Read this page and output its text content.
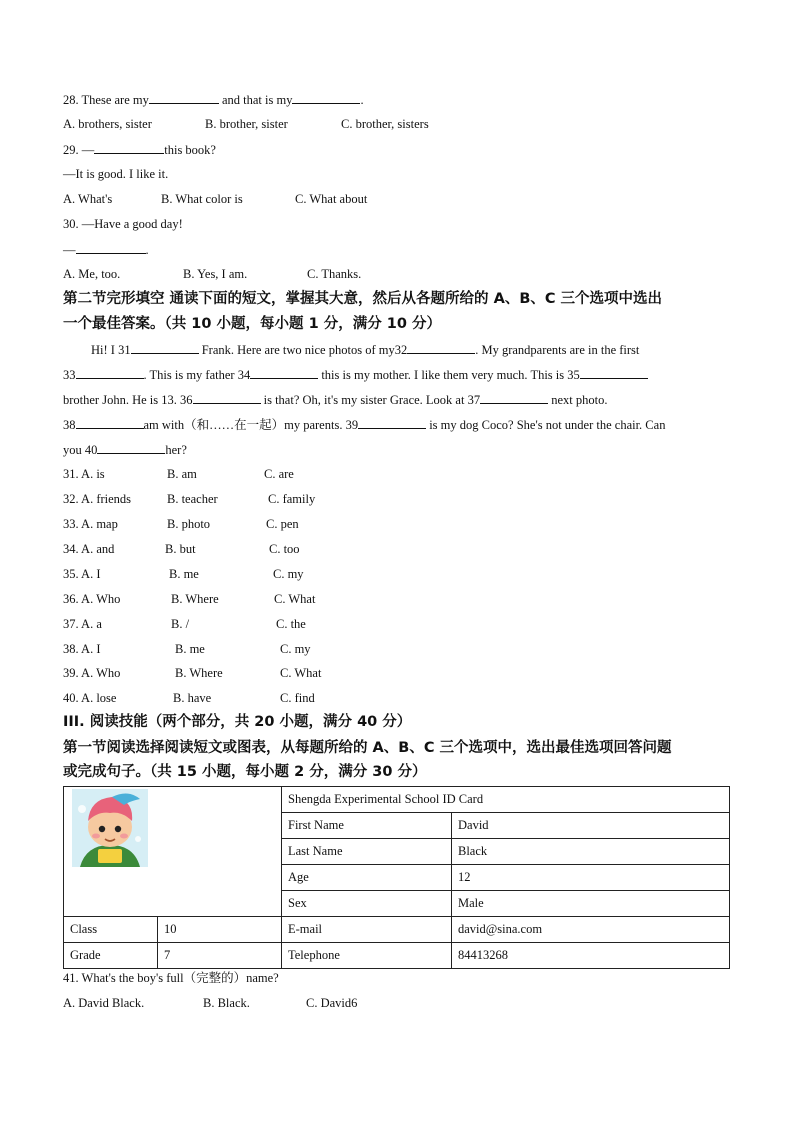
28. These are my	and that is my	.
A. brothers, sister	B. brother, sister	C. brother, sisters
29. —	this book?
—It is good. I like it.
A. What's	B. What color is	C. What about
30. —Have a good day!
—	.
A. Me, too.	B. Yes, I am.	C. Thanks.
第二节完形填空 通读下面的短文，掌握其大意，然后从各题所给的 A、B、C 三个选项中选出
一个最佳答案。（共 10 小题，每小题 1 分，满分 10 分）
Hi! I 31	Frank. Here are two nice photos of my32	. My grandparents are in the first
33	. This is my father 34	this is my mother. I like them very much. This is 35
brother John. He is 13. 36	is that? Oh, it's my sister Grace. Look at 37	next photo.
38	am with（和……在一起）my parents. 39	is my dog Coco? She's not under the chair. Can
you 40	her?
31. A. is	B. am	C. are
32. A. friends	B. teacher	C. family
33. A. map	B. photo	C. pen
34. A. and	B. but	C. too
35. A. I	B. me	C. my
36. A. Who	B. Where	C. What
37. A. a	B. /	C. the
38. A. I	B. me	C. my
39. A. Who	B. Where	C. What
40. A. lose	B. have	C. find
III. 阅读技能（两个部分，共 20 小题，满分 40 分）
第一节阅读选择阅读短文或图表，从每题所给的 A、B、C 三个选项中，选出最佳选项回答问题
或完成句子。（共 15 小题，每小题 2 分，满分 30 分）
	Shengda Experimental School ID Card	
		First Name	David
		Last Name	Black
		Age	12
		Sex	Male
Class	10	E-mail	david@sina.com
Grade	7	Telephone	84413268
41. What's the boy's full（完整的）name?
A. David Black.	B. Black.	C. David6
